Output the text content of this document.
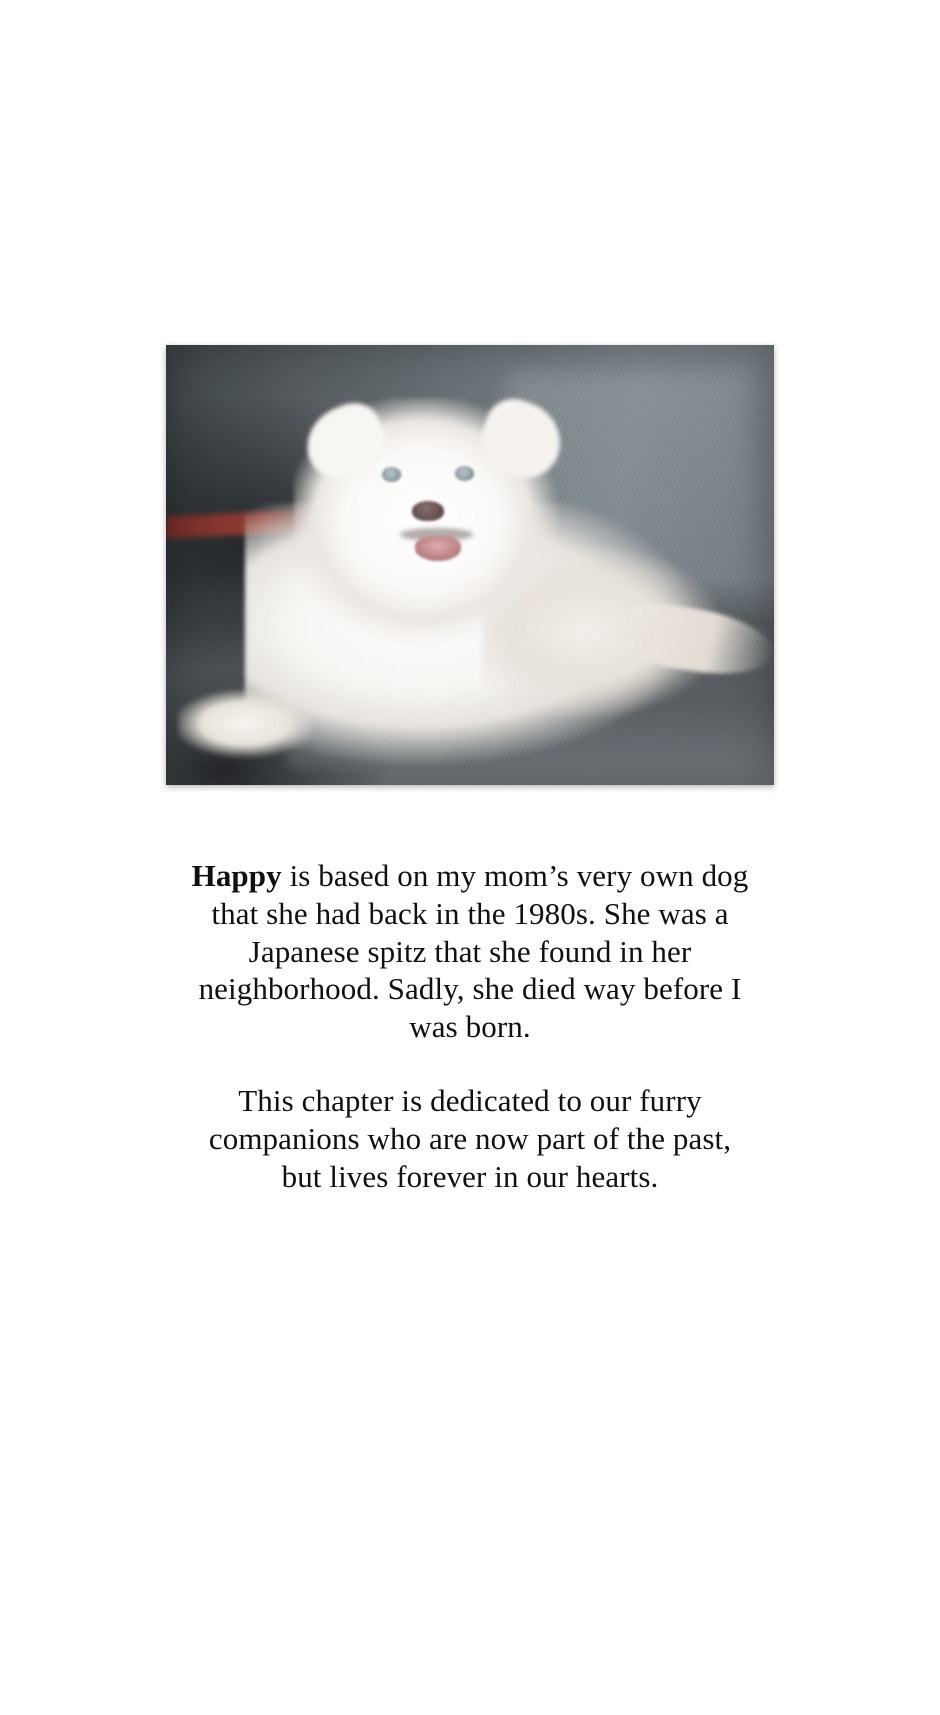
Happy is based on my mom’s very own dog that she had back in the 1980s. She was a Japanese spitz that she found in her neighborhood. Sadly, she died way before I was born.

This chapter is dedicated to our furry companions who are now part of the past, but lives forever in our hearts.
